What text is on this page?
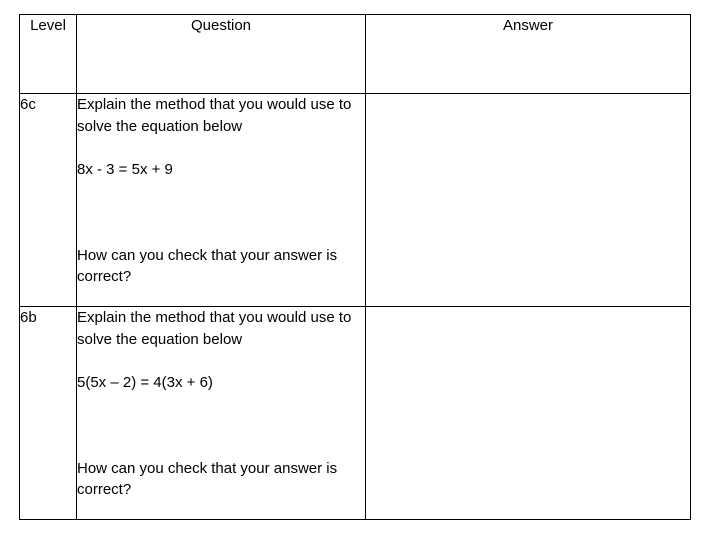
Level	Question	Answer
6c	Explain the method that you would use to solve the equation below

8x - 3 = 5x + 9

How can you check that your answer is correct?	

6b	Explain the method that you would use to solve the equation below

5(5x – 2) = 4(3x + 6)

How can you check that your answer is correct?	
